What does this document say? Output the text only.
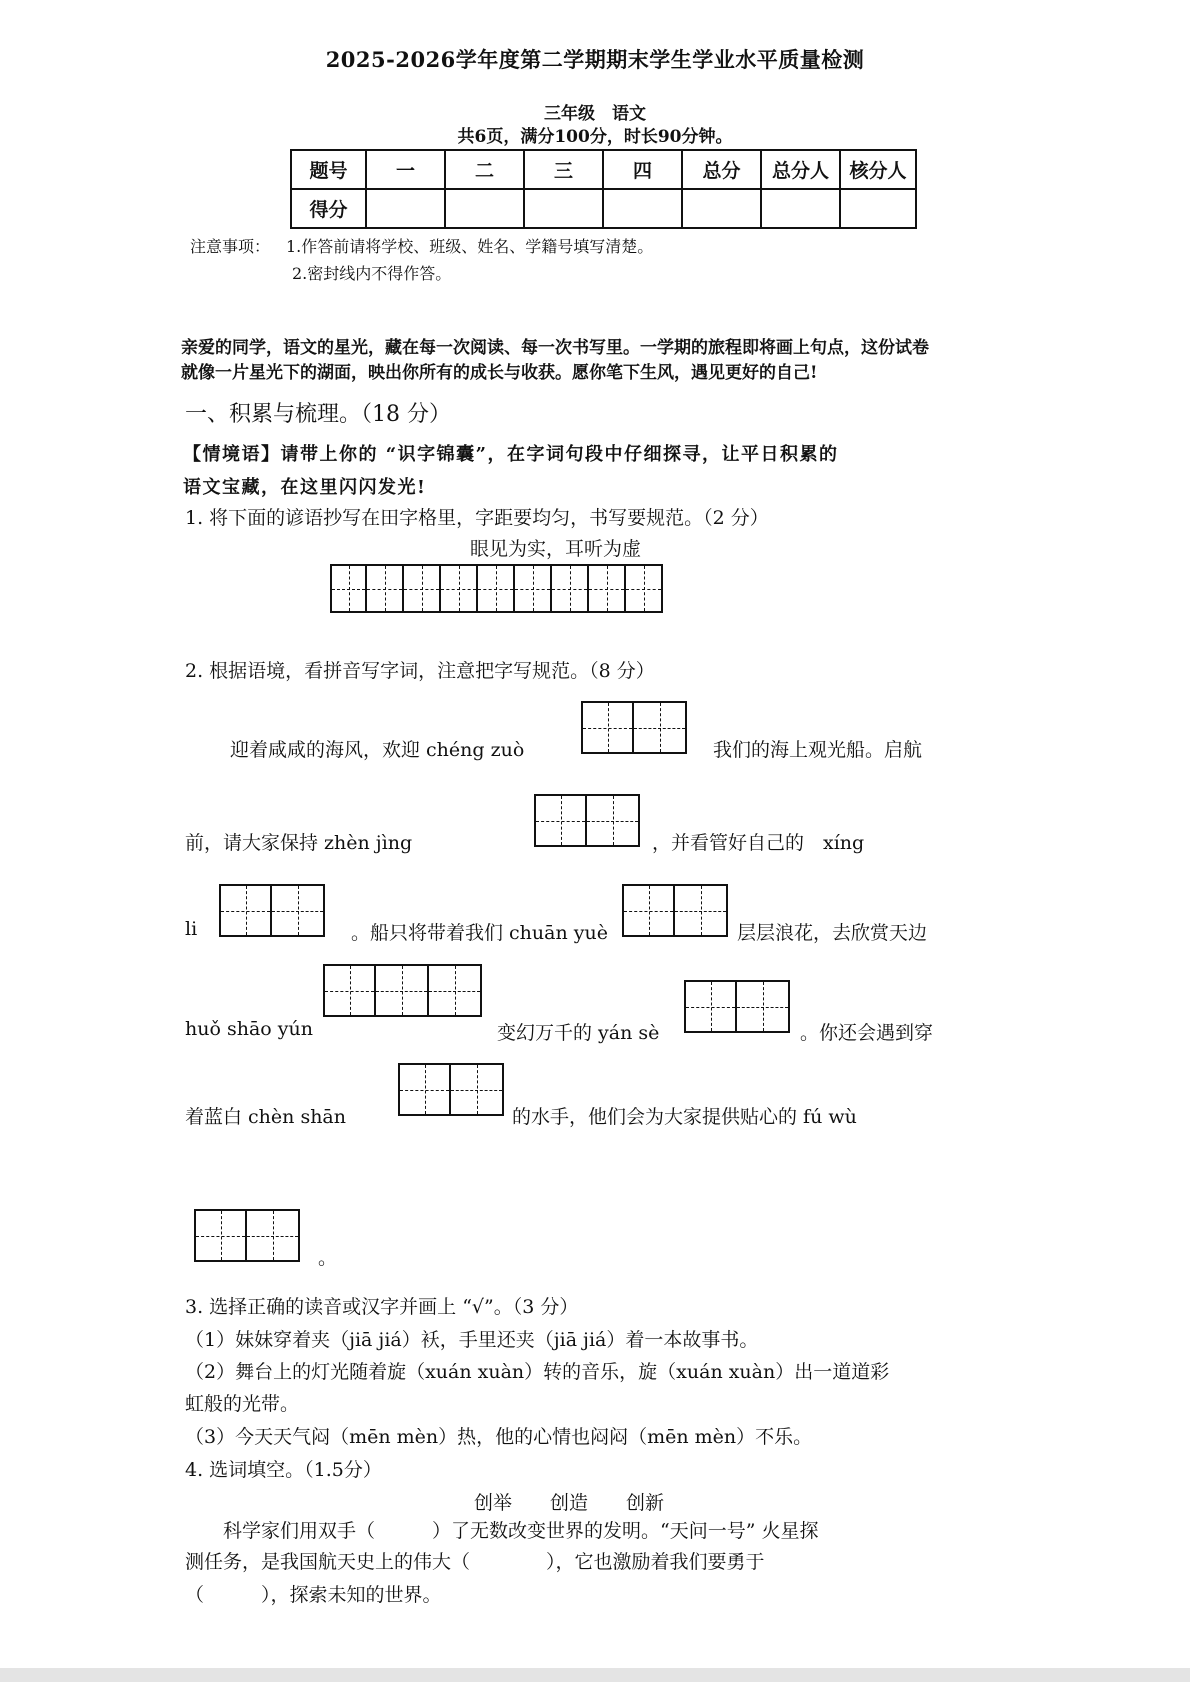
2025-2026学年度第二学期期末学生学业水平质量检测
三年级　语文
共6页，满分100分，时长90分钟。
题号	一	二	三	四	总分	总分人	核分人
得分							
注意事项： 1.作答前请将学校、班级、姓名、学籍号填写清楚。
2.密封线内不得作答。
亲爱的同学，语文的星光，藏在每一次阅读、每一次书写里。一学期的旅程即将画上句点，这份试卷
就像一片星光下的湖面，映出你所有的成长与收获。愿你笔下生风，遇见更好的自己!
一、积累与梳理。（18 分）
【情境语】请带上你的 “识字锦囊”，在字词句段中仔细探寻，让平日积累的
语文宝藏，在这里闪闪发光!
1. 将下面的谚语抄写在田字格里，字距要均匀，书写要规范。（2 分）
眼见为实，耳听为虚
2. 根据语境，看拼音写字词，注意把字写规范。（8 分）
迎着咸咸的海风，欢迎 chéng zuò	我们的海上观光船。启航
前，请大家保持 zhèn jìng	，并看管好自己的　xíng
li	。船只将带着我们 chuān yuè	层层浪花，去欣赏天边
huǒ shāo yún	变幻万千的 yán sè	。你还会遇到穿
着蓝白 chèn shān	的水手，他们会为大家提供贴心的 fú wù
。
3. 选择正确的读音或汉字并画上 “√”。（3 分）
（1）妹妹穿着夹（jiā jiá）袄，手里还夹（jiā jiá）着一本故事书。
（2）舞台上的灯光随着旋（xuán xuàn）转的音乐，旋（xuán xuàn）出一道道彩
虹般的光带。
（3）今天天气闷（mēn mèn）热，他的心情也闷闷（mēn mèn）不乐。
4. 选词填空。（1.5分）
创举　　创造　　创新
　　科学家们用双手（　　　）了无数改变世界的发明。“天问一号” 火星探
测任务，是我国航天史上的伟大（　　　　），它也激励着我们要勇于
（　　　），探索未知的世界。
